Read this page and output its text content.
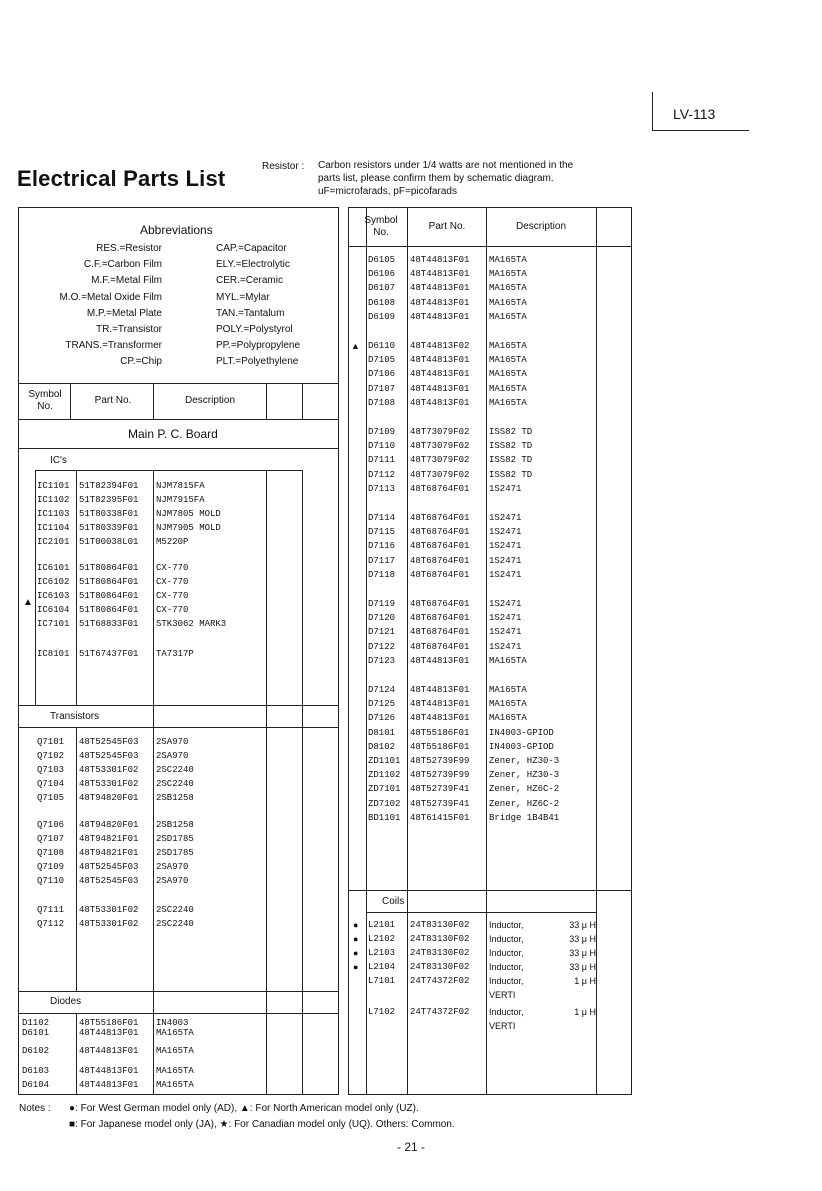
LV-113
Electrical Parts List	Resistor : Carbon resistors under 1/4 watts are not mentioned in the
parts list, please confirm them by schematic diagram.
uF=microfarads, pF=picofarads
Abbreviations
Symbol No.
Part No.	Description
Main P. C. Board
IC's
Transistors
Diodes
▲
Symbol No.
Part No.	Description
Coils
Notes : ●: For West German model only (AD), ▲: For North American model only (UZ).
■: For Japanese model only (JA), ★: For Canadian model only (UQ). Others: Common.
- 21 -
RES.=Resistor
C.F.=Carbon Film
M.F.=Metal Film
M.O.=Metal Oxide Film
M.P.=Metal Plate
TR.=Transistor
TRANS.=Transformer
CP.=Chip
CAP.=Capacitor
ELY.=Electrolytic
CER.=Ceramic
MYL.=Mylar
TAN.=Tantalum
POLY.=Polystyrol
PP.=Polypropylene
PLT.=Polyethylene
IC1101 51T82394F01 NJM7815FA
IC1102 51T82395F01 NJM7915FA
IC1103 51T80338F01 NJM7805 MOLD
IC1104 51T80339F01 NJM7905 MOLD
IC2101 51T00038L01 M5220P
IC6101 51T80864F01 CX-770
IC6102 51T80864F01 CX-770
IC6103 51T80864F01 CX-770
IC6104 51T80864F01 CX-770
IC7101 51T68833F01 STK3062 MARK3
IC8101 51T67437F01 TA7317P
Q7101 48T52545F03 2SA970
Q7102 48T52545F03 2SA970
Q7103 48T53301F02 2SC2240
Q7104 48T53301F02 2SC2240
Q7105 48T94820F01 2SB1258
Q7106 48T94820F01 2SB1258
Q7107 48T94821F01 2SD1785
Q7108 48T94821F01 2SD1785
Q7109 48T52545F03 2SA970
Q7110 48T52545F03 2SA970
Q7111 48T53301F02 2SC2240
Q7112 48T53301F02 2SC2240
D1102	48T55186F01 IN4003
D6101	48T44813F01 MA165TA
D6102	48T44813F01 MA165TA
D6103	48T44813F01 MA165TA
D6104	48T44813F01 MA165TA
D6105 48T44813F01 MA165TA
D6106 48T44813F01 MA165TA
D6107 48T44813F01 MA165TA
D6108 48T44813F01 MA165TA
D6109 48T44813F01 MA165TA
▲ D6110 48T44813F02 MA165TA
D7105 48T44813F01 MA165TA
D7106 48T44813F01 MA165TA
D7107 48T44813F01 MA165TA
D7108 48T44813F01 MA165TA
D7109 48T73079F02 ISS82 TD
D7110 48T73079F02 ISS82 TD
D7111 48T73079F02 ISS82 TD
D7112 48T73079F02 ISS82 TD
D7113 48T68764F01 1S2471
D7114 48T68764F01 1S2471
D7115 48T68764F01 1S2471
D7116 48T68764F01 1S2471
D7117 48T68764F01 1S2471
D7118 48T68764F01 1S2471
D7119 48T68764F01 1S2471
D7120 48T68764F01 1S2471
D7121 48T68764F01 1S2471
D7122 48T68764F01 1S2471
D7123 48T44813F01 MA165TA
D7124 48T44813F01 MA165TA
D7125 48T44813F01 MA165TA
D7126 48T44813F01 MA165TA
D8101 48T55186F01 IN4003-GPIOD
D8102 48T55186F01 IN4003-GPIOD
ZD1101 48T52739F99 Zener, HZ30-3
ZD1102 48T52739F99 Zener, HZ30-3
ZD7101 48T52739F41 Zener, HZ6C-2
ZD7102 48T52739F41 Zener, HZ6C-2
BD1101 48T61415F01 Bridge 1B4B41
● L2101 24T83130F02 Inductor,	33 μ H
● L2102 24T83130F02 Inductor,	33 μ H
● L2103 24T83130F02 Inductor,	33 μ H
● L2104 24T83130F02 Inductor,	33 μ H
L7101 24T74372F02 Inductor,	1 μ H
VERTI
L7102 24T74372F02 Inductor,	1 μ H
VERTI
